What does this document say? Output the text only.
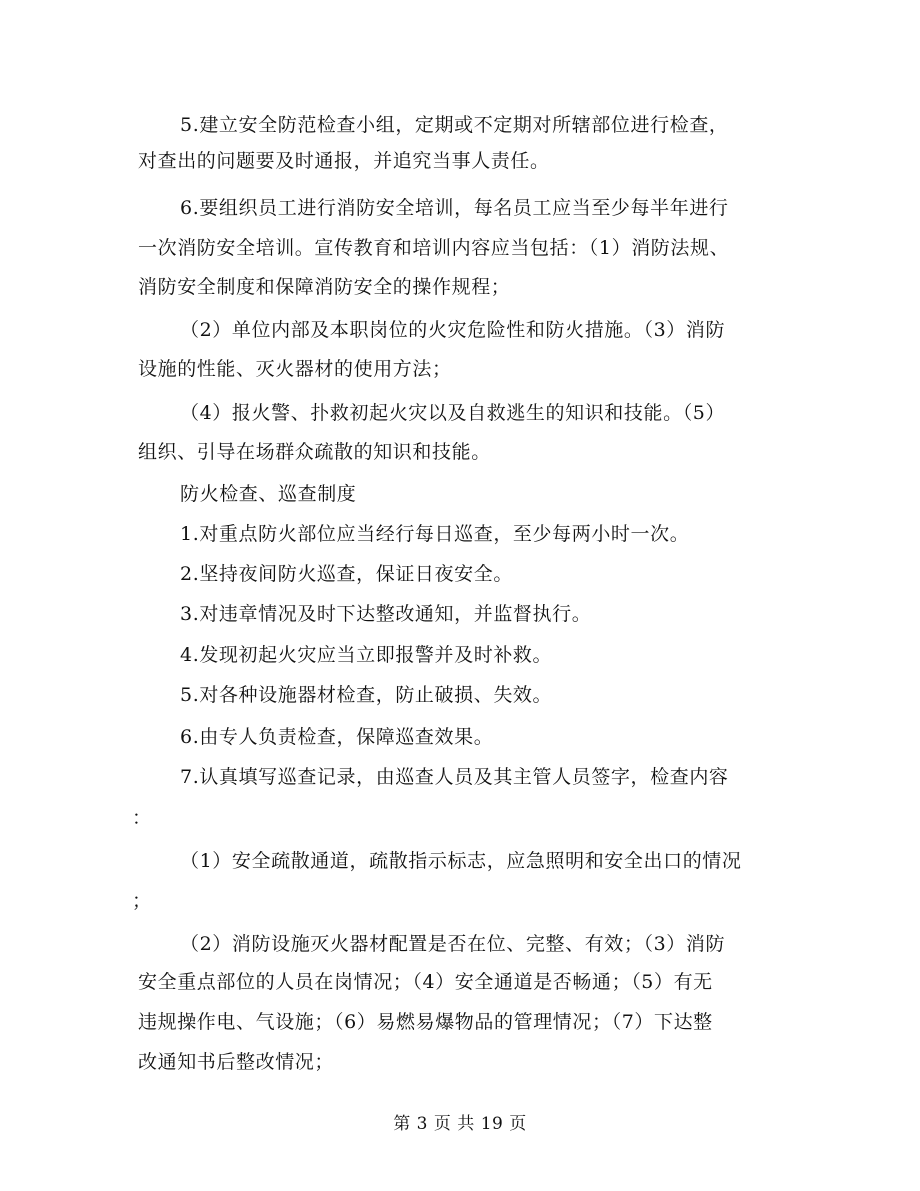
5.建立安全防范检查小组，定期或不定期对所辖部位进行检查，
对查出的问题要及时通报，并追究当事人责任。
6.要组织员工进行消防安全培训，每名员工应当至少每半年进行
一次消防安全培训。宣传教育和培训内容应当包括：（1）消防法规、
消防安全制度和保障消防安全的操作规程；
（2）单位内部及本职岗位的火灾危险性和防火措施。（3）消防
设施的性能、灭火器材的使用方法；
（4）报火警、扑救初起火灾以及自救逃生的知识和技能。（5）
组织、引导在场群众疏散的知识和技能。
防火检查、巡查制度
1.对重点防火部位应当经行每日巡查，至少每两小时一次。
2.坚持夜间防火巡查，保证日夜安全。
3.对违章情况及时下达整改通知，并监督执行。
4.发现初起火灾应当立即报警并及时补救。
5.对各种设施器材检查，防止破损、失效。
6.由专人负责检查，保障巡查效果。
7.认真填写巡查记录，由巡查人员及其主管人员签字，检查内容
：
（1）安全疏散通道，疏散指示标志，应急照明和安全出口的情况
；
（2）消防设施灭火器材配置是否在位、完整、有效；（3）消防
安全重点部位的人员在岗情况；（4）安全通道是否畅通；（5）有无
违规操作电、气设施；（6）易燃易爆物品的管理情况；（7）下达整
改通知书后整改情况；
第 3 页 共 19 页
